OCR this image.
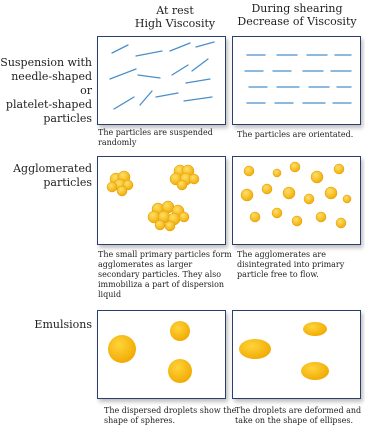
At rest
High Viscosity
During shearing
Decrease of Viscosity
Suspension with
needle-shaped or
platelet-shaped
particles
The particles are suspended randomly
The particles are orientated.
Agglomerated
particles
The small primary particles form agglomerates as larger secondary particles. They also immobiliza a part of dispersion liquid
The agglomerates are disintegrated into primary particle free to flow.
Emulsions
The dispersed droplets show the shape of spheres.
The droplets are deformed and take on the shape of ellipses.
